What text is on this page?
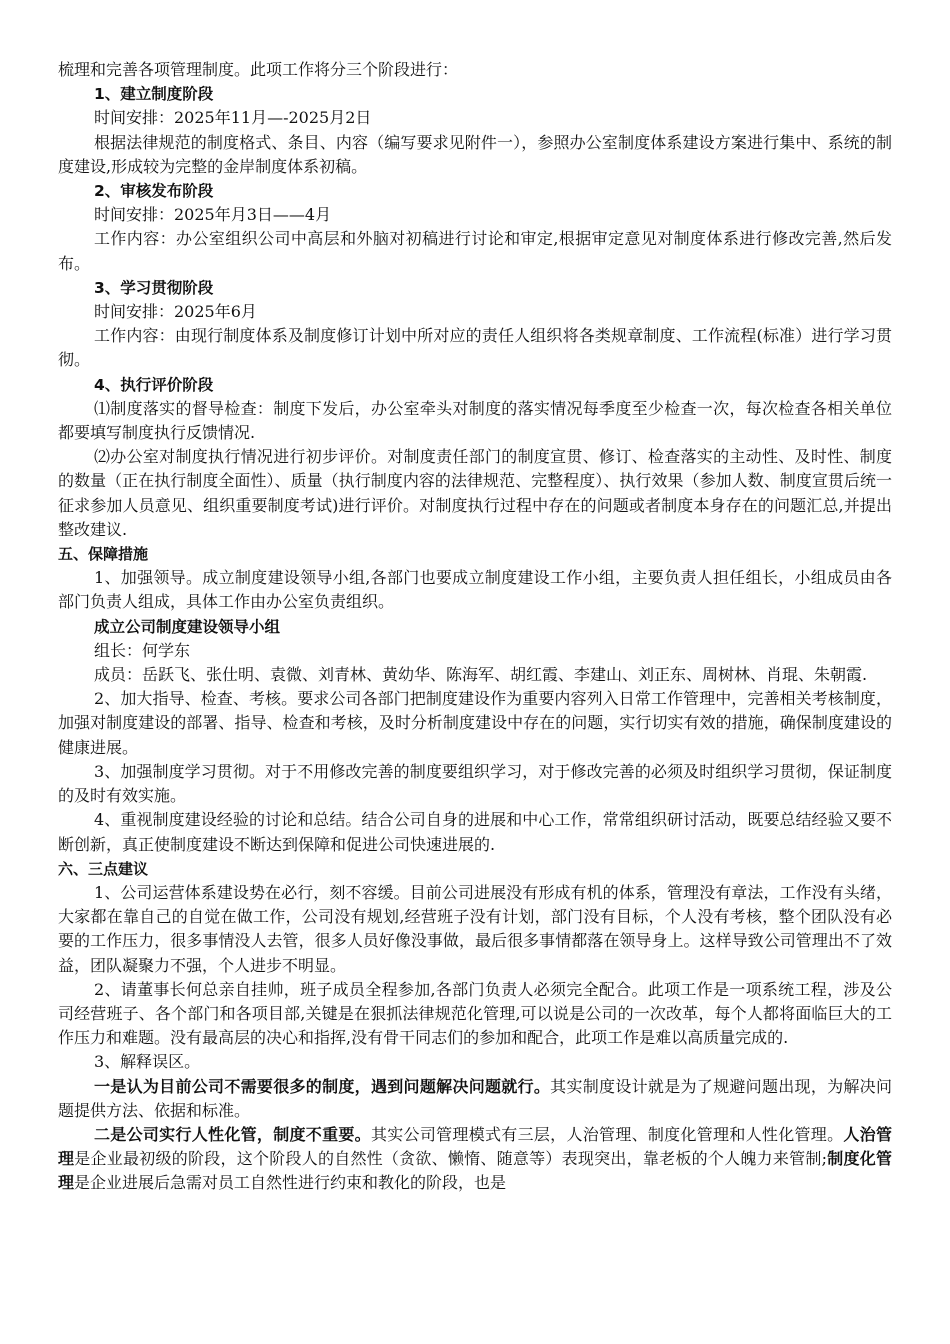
梳理和完善各项管理制度。此项工作将分三个阶段进行：

1、建立制度阶段

时间安排：2025年11月—-2025月2日

根据法律规范的制度格式、条目、内容（编写要求见附件一），参照办公室制度体系建设方案进行集中、系统的制度建设,形成较为完整的金岸制度体系初稿。

2、审核发布阶段

时间安排：2025年月3日——4月

工作内容：办公室组织公司中高层和外脑对初稿进行讨论和审定,根据审定意见对制度体系进行修改完善,然后发布。

3、学习贯彻阶段

时间安排：2025年6月

工作内容：由现行制度体系及制度修订计划中所对应的责任人组织将各类规章制度、工作流程(标准）进行学习贯彻。

4、执行评价阶段

⑴制度落实的督导检查：制度下发后，办公室牵头对制度的落实情况每季度至少检查一次，每次检查各相关单位都要填写制度执行反馈情况.

⑵办公室对制度执行情况进行初步评价。对制度责任部门的制度宣贯、修订、检查落实的主动性、及时性、制度的数量（正在执行制度全面性）、质量（执行制度内容的法律规范、完整程度）、执行效果（参加人数、制度宣贯后统一征求参加人员意见、组织重要制度考试)进行评价。对制度执行过程中存在的问题或者制度本身存在的问题汇总,并提出整改建议.

五、保障措施

1、加强领导。成立制度建设领导小组,各部门也要成立制度建设工作小组，主要负责人担任组长，小组成员由各部门负责人组成，具体工作由办公室负责组织。

成立公司制度建设领导小组

组长：何学东

成员：岳跃飞、张仕明、袁微、刘青林、黄幼华、陈海军、胡红霞、李建山、刘正东、周树林、肖琨、朱朝霞.

2、加大指导、检查、考核。要求公司各部门把制度建设作为重要内容列入日常工作管理中，完善相关考核制度，加强对制度建设的部署、指导、检查和考核，及时分析制度建设中存在的问题，实行切实有效的措施，确保制度建设的健康进展。

3、加强制度学习贯彻。对于不用修改完善的制度要组织学习，对于修改完善的必须及时组织学习贯彻，保证制度的及时有效实施。

4、重视制度建设经验的讨论和总结。结合公司自身的进展和中心工作，常常组织研讨活动，既要总结经验又要不断创新，真正使制度建设不断达到保障和促进公司快速进展的.

六、三点建议

1、公司运营体系建设势在必行，刻不容缓。目前公司进展没有形成有机的体系，管理没有章法，工作没有头绪，大家都在靠自己的自觉在做工作，公司没有规划,经营班子没有计划，部门没有目标，个人没有考核，整个团队没有必要的工作压力，很多事情没人去管，很多人员好像没事做，最后很多事情都落在领导身上。这样导致公司管理出不了效益，团队凝聚力不强，个人进步不明显。

2、请董事长何总亲自挂帅，班子成员全程参加,各部门负责人必须完全配合。此项工作是一项系统工程，涉及公司经营班子、各个部门和各项目部,关键是在狠抓法律规范化管理,可以说是公司的一次改革，每个人都将面临巨大的工作压力和难题。没有最高层的决心和指挥,没有骨干同志们的参加和配合，此项工作是难以高质量完成的.

3、解释误区。

一是认为目前公司不需要很多的制度，遇到问题解决问题就行。其实制度设计就是为了规避问题出现，为解决问题提供方法、依据和标准。

二是公司实行人性化管，制度不重要。其实公司管理模式有三层，人治管理、制度化管理和人性化管理。人治管理是企业最初级的阶段，这个阶段人的自然性（贪欲、懒惰、随意等）表现突出，靠老板的个人魄力来管制;制度化管理是企业进展后急需对员工自然性进行约束和教化的阶段，也是
